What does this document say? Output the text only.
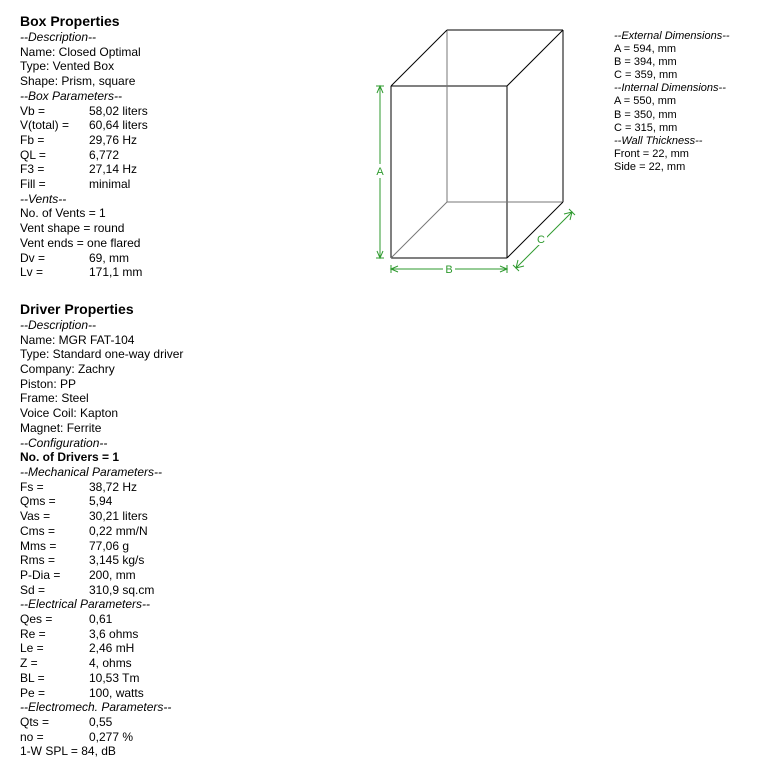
Box Properties
--Description--
Name: Closed Optimal
Type: Vented Box
Shape: Prism, square
--Box Parameters--
Vb =	58,02 liters
V(total) = 60,64 liters
Fb =	29,76 Hz
QL =	6,772
F3 =	27,14 Hz
Fill =	minimal
--Vents--
No. of Vents = 1
Vent shape = round
Vent ends = one flared
Dv =	69, mm
Lv =	171,1 mm
Driver Properties
--Description--
Name: MGR FAT-104
Type: Standard one-way driver
Company: Zachry
Piston: PP
Frame: Steel
Voice Coil: Kapton
Magnet: Ferrite
--Configuration--
No. of Drivers = 1
--Mechanical Parameters--
Fs =	38,72 Hz
Qms =	5,94
Vas =	30,21 liters
Cms =	0,22 mm/N
Mms =	77,06 g
Rms =	3,145 kg/s
P-Dia = 200, mm
Sd =	310,9 sq.cm
--Electrical Parameters--
Qes =	0,61
Re =	3,6 ohms
Le =	2,46 mH
Z =	4, ohms
BL =	10,53 Tm
Pe =	100, watts
--Electromech. Parameters--
Qts =	0,55
no =	0,277 %
1-W SPL = 84, dB
--External Dimensions--
A = 594, mm
B = 394, mm
C = 359, mm
--Internal Dimensions--
A = 550, mm
B = 350, mm
C = 315, mm
--Wall Thickness--
Front = 22, mm
Side = 22, mm
A
B
C
